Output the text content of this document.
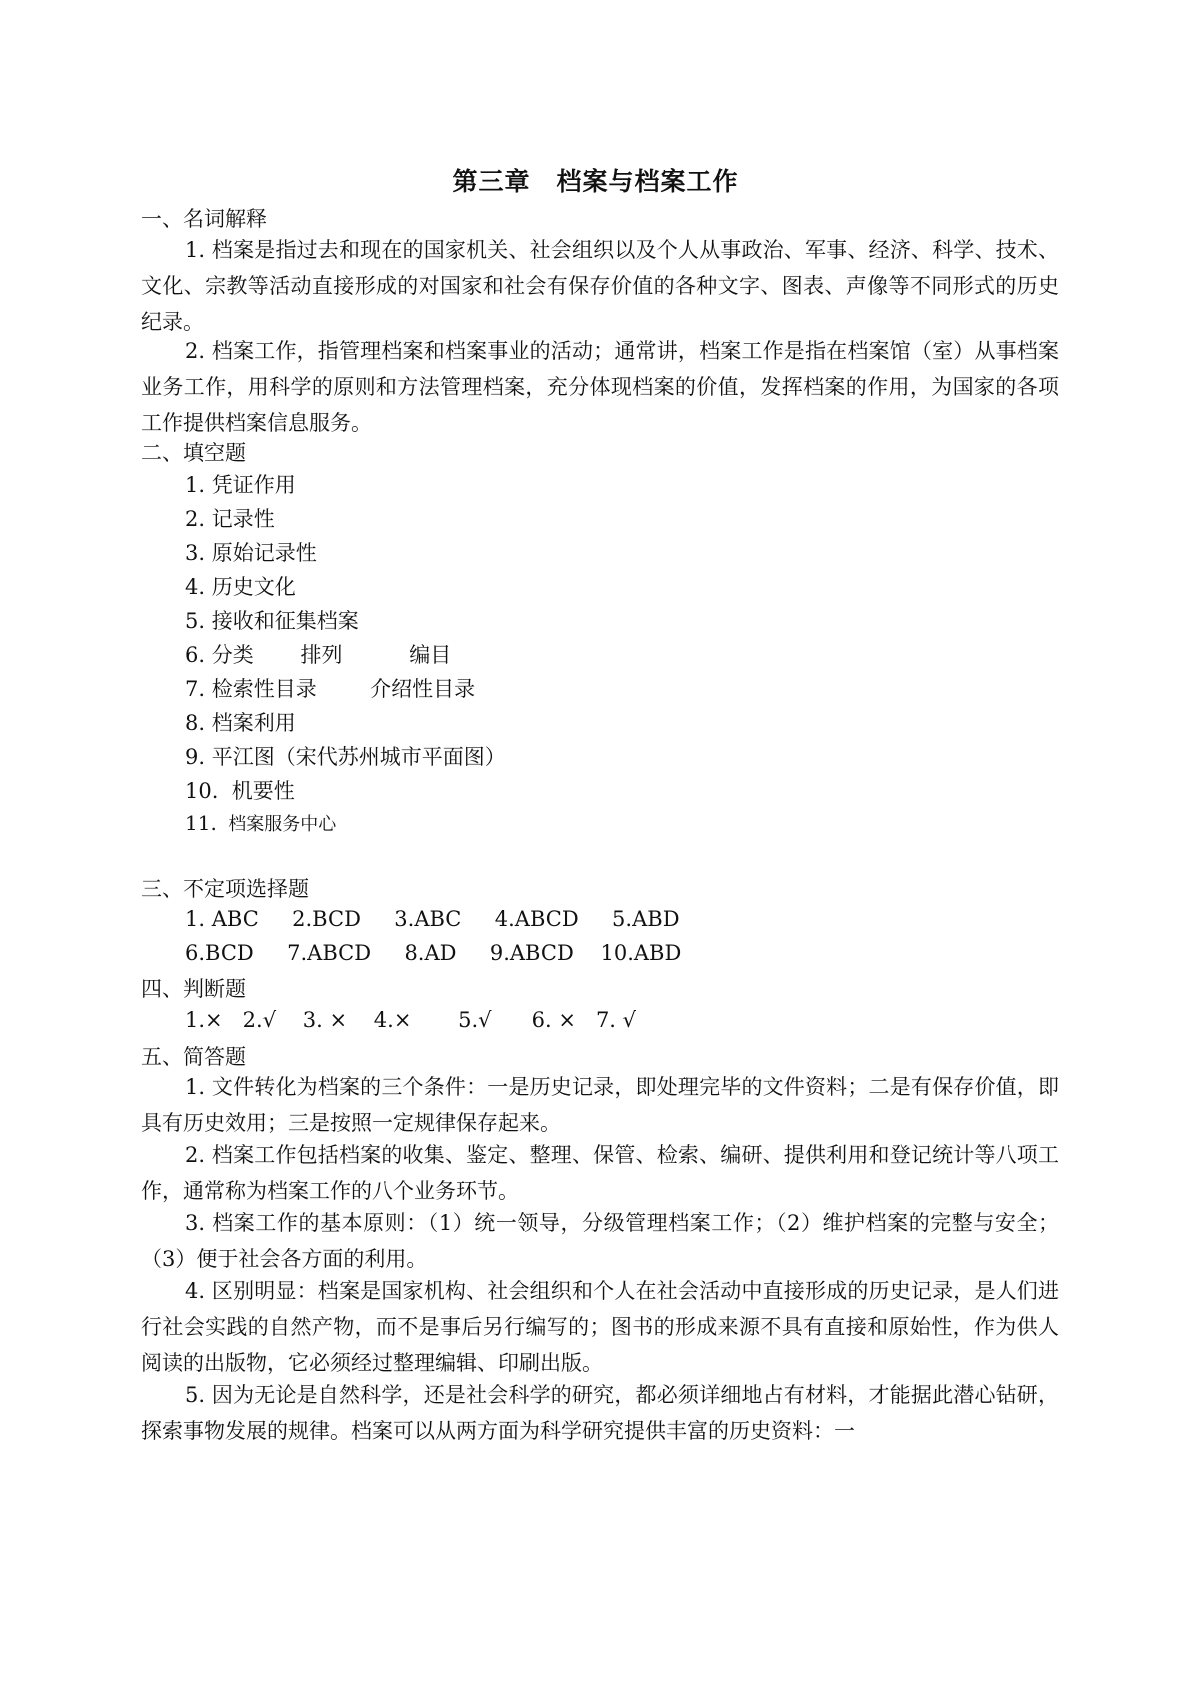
第三章　档案与档案工作
一、名词解释

1. 档案是指过去和现在的国家机关、社会组织以及个人从事政治、军事、经济、科学、技术、文化、宗教等活动直接形成的对国家和社会有保存价值的各种文字、图表、声像等不同形式的历史纪录。

2. 档案工作，指管理档案和档案事业的活动；通常讲，档案工作是指在档案馆（室）从事档案业务工作，用科学的原则和方法管理档案，充分体现档案的价值，发挥档案的作用，为国家的各项工作提供档案信息服务。

二、填空题
1. 凭证作用
2. 记录性
3. 原始记录性
4. 历史文化
5. 接收和征集档案
6. 分类       排列          编目
7. 检索性目录        介绍性目录
8. 档案利用
9. 平江图（宋代苏州城市平面图）
10.  机要性
11. 档案服务中心
三、不定项选择题
1. ABC     2.BCD     3.ABC     4.ABCD     5.ABD
6.BCD     7.ABCD     8.AD     9.ABCD    10.ABD
四、判断题
1.×   2.√    3. ×    4.×       5.√      6. ×   7. √
五、简答题

1. 文件转化为档案的三个条件：一是历史记录，即处理完毕的文件资料；二是有保存价值，即具有历史效用；三是按照一定规律保存起来。

2. 档案工作包括档案的收集、鉴定、整理、保管、检索、编研、提供利用和登记统计等八项工作，通常称为档案工作的八个业务环节。

3. 档案工作的基本原则：（1）统一领导，分级管理档案工作；（2）维护档案的完整与安全；（3）便于社会各方面的利用。

4. 区别明显：档案是国家机构、社会组织和个人在社会活动中直接形成的历史记录，是人们进行社会实践的自然产物，而不是事后另行编写的；图书的形成来源不具有直接和原始性，作为供人阅读的出版物，它必须经过整理编辑、印刷出版。

5. 因为无论是自然科学，还是社会科学的研究，都必须详细地占有材料，才能据此潜心钻研，探索事物发展的规律。档案可以从两方面为科学研究提供丰富的历史资料：一
